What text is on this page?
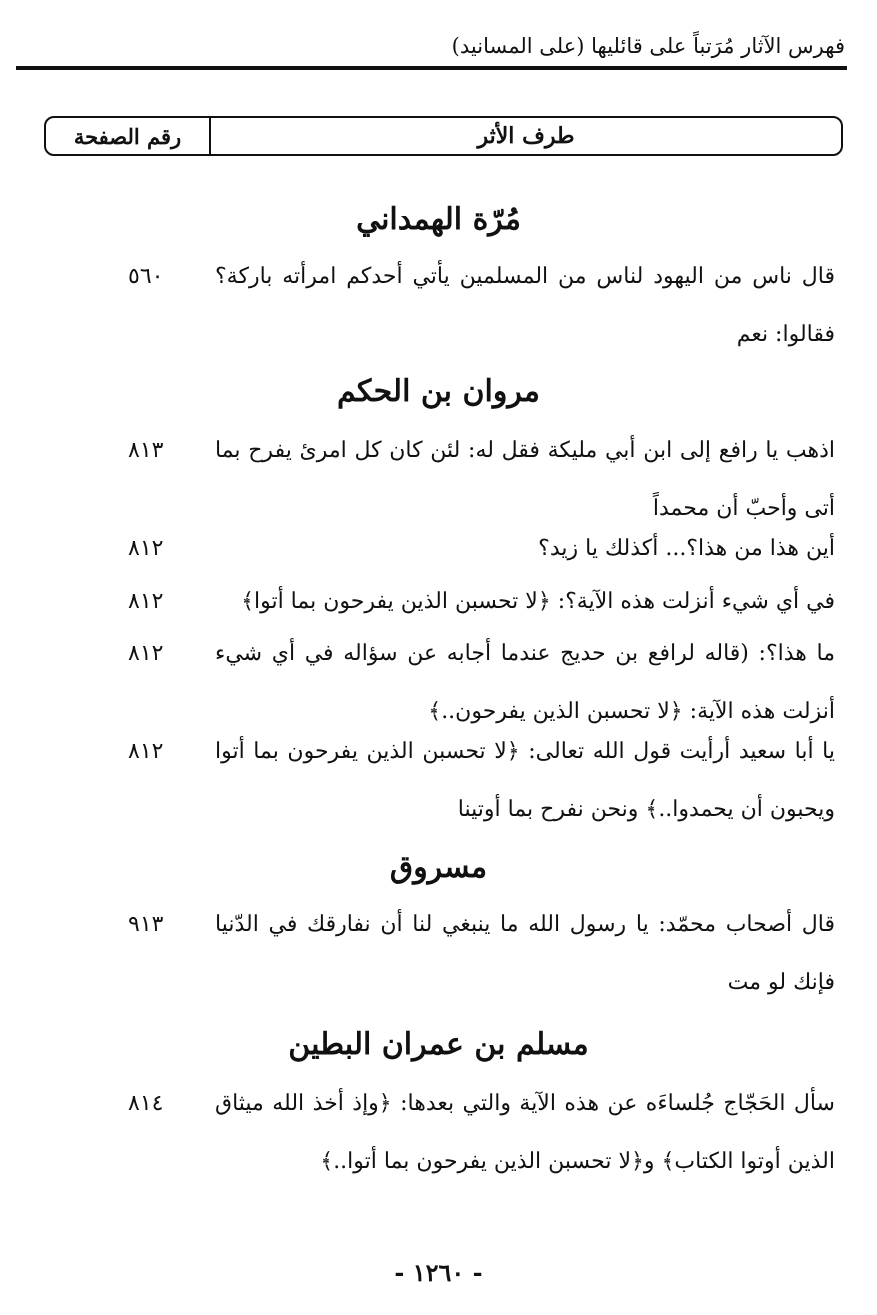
فهرس الآثار مُرَتباً على قائليها (على المسانيد)
طرف الأثر
رقم الصفحة
مُرّة الهمداني
قال ناس من اليهود لناس من المسلمين يأتي أحدكم امرأته باركة؟ فقالوا: نعم
٥٦٠
مروان بن الحكم
اذهب يا رافع إلى ابن أبي مليكة فقل له: لئن كان كل امرئ يفرح بما أتى وأحبّ أن محمداً
٨١٣
أين هذا من هذا؟... أكذلك يا زيد؟
٨١٢
في أي شيء أنزلت هذه الآية؟: ﴿لا تحسبن الذين يفرحون بما أتوا﴾
٨١٢
ما هذا؟: (قاله لرافع بن حديج عندما أجابه عن سؤاله في أي شيء أنزلت هذه الآية: ﴿لا تحسبن الذين يفرحون..﴾
٨١٢
يا أبا سعيد أرأيت قول الله تعالى: ﴿لا تحسبن الذين يفرحون بما أتوا ويحبون أن يحمدوا..﴾ ونحن نفرح بما أوتينا
٨١٢
مسروق
قال أصحاب محمّد: يا رسول الله ما ينبغي لنا أن نفارقك في الدّنيا فإنك لو مت
٩١٣
مسلم بن عمران البطين
سأل الحَجّاج جُلساءَه عن هذه الآية والتي بعدها: ﴿وإذ أخذ الله ميثاق الذين أوتوا الكتاب﴾ و﴿لا تحسبن الذين يفرحون بما أتوا..﴾
٨١٤
- ١٢٦٠ -
